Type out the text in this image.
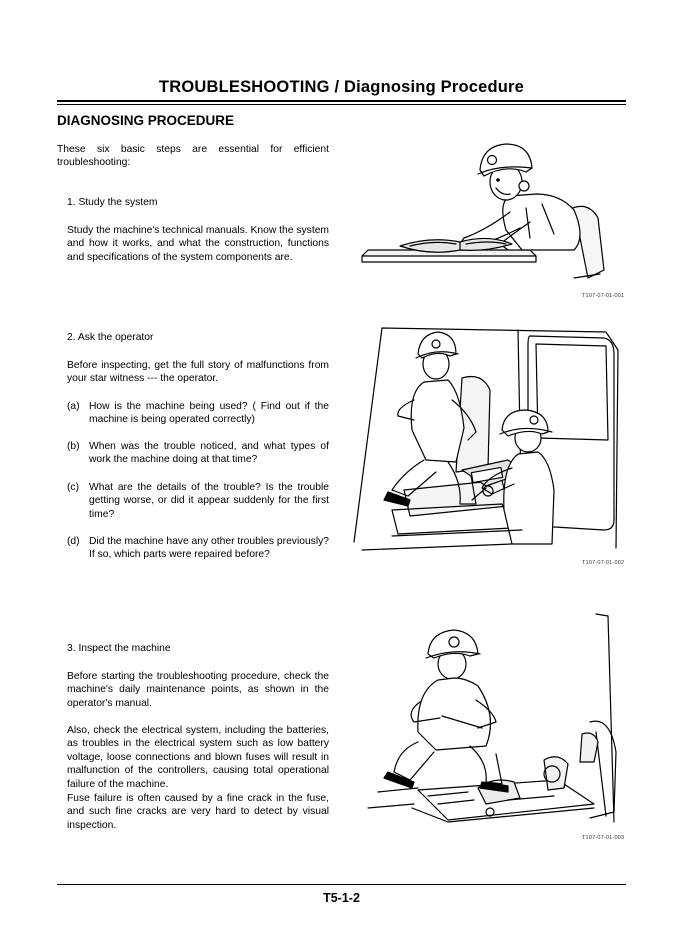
TROUBLESHOOTING / Diagnosing Procedure
DIAGNOSING PROCEDURE
These six basic steps are essential for efficient troubleshooting:
1. Study the system
Study the machine's technical manuals. Know the system and how it works, and what the construction, functions and specifications of the system components are.
T107-07-01-001
2. Ask the operator
Before inspecting, get the full story of malfunctions from your star witness --- the operator.
(a) How is the machine being used? ( Find out if the machine is being operated correctly)
(b) When was the trouble noticed, and what types of work the machine doing at that time?
(c) What are the details of the trouble? Is the trouble getting worse, or did it appear suddenly for the first time?
(d) Did the machine have any other troubles previously? If so, which parts were repaired before?
T107-07-01-002
3. Inspect the machine
Before starting the troubleshooting procedure, check the machine's daily maintenance points, as shown in the operator's manual.
Also, check the electrical system, including the batteries, as troubles in the electrical system such as low battery voltage, loose connections and blown fuses will result in malfunction of the controllers, causing total operational failure of the machine.
Fuse failure is often caused by a fine crack in the fuse, and such fine cracks are very hard to detect by visual inspection.
T107-07-01-003
T5-1-2
